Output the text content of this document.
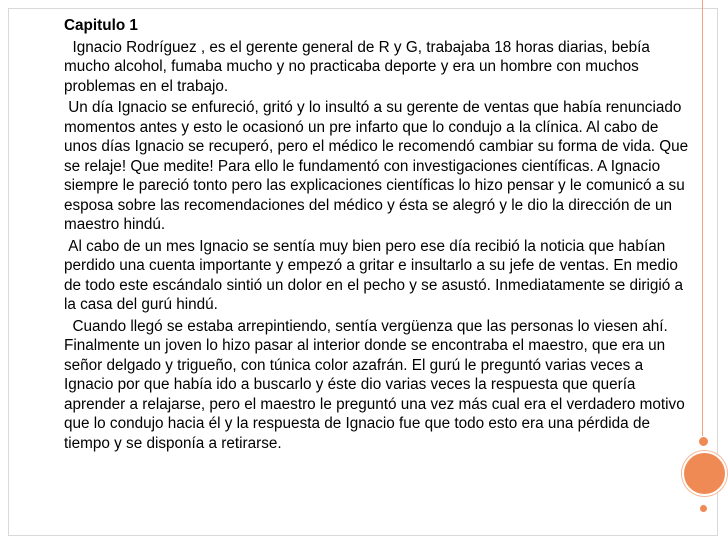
Capitulo 1
Ignacio Rodríguez , es el gerente general de R y G, trabajaba 18 horas diarias, bebía mucho alcohol, fumaba mucho y no practicaba deporte y era un hombre con muchos problemas en el trabajo.
Un día Ignacio se enfureció, gritó y lo insultó a su gerente de ventas que había renunciado momentos antes y esto le ocasionó un pre infarto que lo condujo a la clínica. Al cabo de unos días Ignacio se recuperó, pero el médico le recomendó cambiar su forma de vida. Que se relaje! Que medite! Para ello le fundamentó con investigaciones científicas. A Ignacio siempre le pareció tonto pero las explicaciones científicas lo hizo pensar y le comunicó a su esposa sobre las recomendaciones del médico y ésta se alegró y le dio la dirección de un maestro hindú.
Al cabo de un mes Ignacio se sentía muy bien pero ese día recibió la noticia que habían perdido una cuenta importante y empezó a gritar e insultarlo a su jefe de ventas. En medio de todo este escándalo sintió un dolor en el pecho y se asustó. Inmediatamente se dirigió a la casa del gurú hindú.
Cuando llegó se estaba arrepintiendo, sentía vergüenza que las personas lo viesen ahí. Finalmente un joven lo hizo pasar al interior donde se encontraba el maestro, que era un señor delgado y trigueño, con túnica color azafrán. El gurú le preguntó varias veces a Ignacio por que había ido a buscarlo y éste dio varias veces la respuesta que quería aprender a relajarse, pero el maestro le preguntó una vez más cual era el verdadero motivo que lo condujo hacia él y la respuesta de Ignacio fue que todo esto era una pérdida de tiempo y se disponía a retirarse.
